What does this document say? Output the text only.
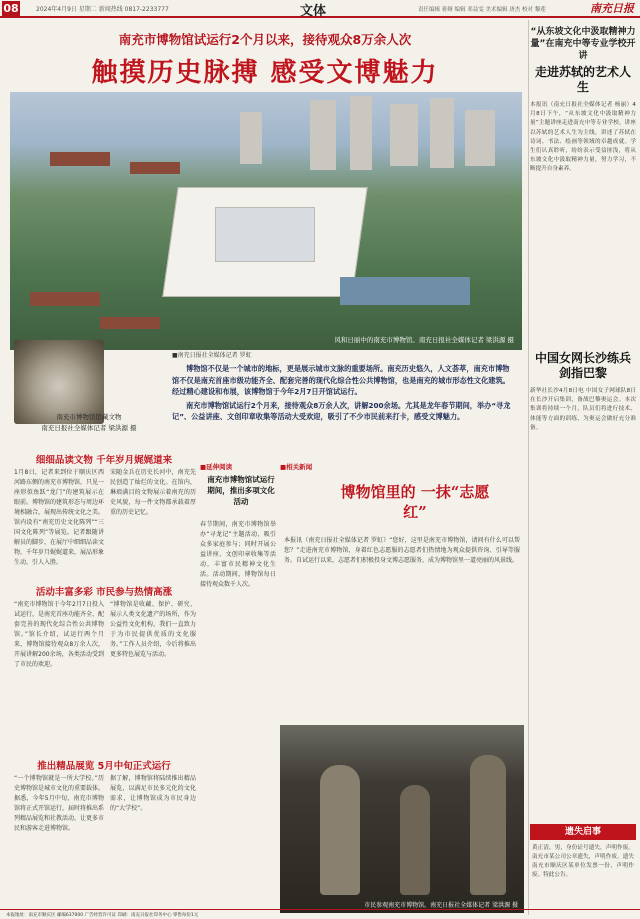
08	2024年4月9日 星期二 新闻热线 0817-2233777	文体	责任编辑 蒋娅 编辑 邓益雯 美术编辑 唐杰 校对 黎莲	南充日报
南充市博物馆试运行2个月以来，接待观众8万余人次
触摸历史脉搏 感受文博魅力
风和日丽中的南充市博物馆。南充日报社全媒体记者 梁洪源 摄
南充市博物馆馆藏文物
南充日报社全媒体记者 梁洪源 摄
■南充日报社全媒体记者 罗虹
博物馆不仅是一个城市的地标，更是展示城市文脉的重要场所。南充历史悠久，人文荟萃，南充市博物馆不仅是南充首座市级功能齐全、配套完善的现代化综合性公共博物馆，也是南充的城市形态性文化建筑。经过精心建设和布展，该博物馆于今年2月7日开馆试运行。
南充市博物馆试运行2个月来，接待观众8万余人次，讲解200余场。尤其是龙年春节期间，举办“寻龙记”、公益讲座、文创印章收集等活动大受欢迎，吸引了不少市民前来打卡，感受文博魅力。
细细品读文物 千年岁月娓娓道来
1月8日，记者来到位于顺庆区西河路东侧的南充市博物馆，只见一座形似鱼跃“龙门”的建筑展示在眼前。博物馆的建筑形态与周边环境相融合，展现出传统文化之美。馆内设有“南充历史文化陈列”“三国文化陈列”等展览。记者跟随讲解员的脚步，在展厅中细细品读文物，千年岁月娓娓道来，展品形象生动，引人入胜。
宋随金兵在历史长河中，南充先民创造了灿烂的文化。在馆内，琳琅满目的文物展示着南充的历史风貌，每一件文物都承载着厚重的历史记忆。
活动丰富多彩 市民参与热情高涨
“南充市博物馆于今年2月7日投入试运行，是南充首座功能齐全、配套完善的现代化综合性公共博物馆。”馆长介绍，试运行两个月来，博物馆接待观众8万余人次，开展讲解200余场，各类活动受到了市民的欢迎。
“博物馆是收藏、保护、研究、展示人类文化遗产的场所，作为公益性文化机构，我们一直致力于为市民提供优质的文化服务。”工作人员介绍，今后将推出更多特色展览与活动。
推出精品展览 5月中旬正式运行
“一个博物馆就是一所大学校。”历史博物馆是城市文化的重要载体。据悉，今年5月中旬，南充市博物馆将正式开馆运行，届时将推出系列精品展览和社教活动，让更多市民和游客走进博物馆。
据了解，博物馆将陆续推出精品展览，以满足市民多元化的文化需求，让博物馆成为市民身边的“大学校”。
■延伸阅读
南充市博物馆试运行期间，推出多项文化活动
春节期间，南充市博物馆举办“寻龙记”主题活动，吸引众多家庭参与；同时开展公益讲座、文创印章收集等活动，丰富市民精神文化生活。活动期间，博物馆每日接待观众数千人次。
■相关新闻
博物馆里的 一抹“志愿红”
本报讯（南充日报社全媒体记者 罗虹）“您好，这里是南充市博物馆，请问有什么可以帮您？”走进南充市博物馆，身着红色志愿服的志愿者们热情地为观众提供咨询、引导等服务。自试运行以来，志愿者们积极投身文博志愿服务，成为博物馆里一道亮丽的风景线。
市民参观南充市博物馆。南充日报社全媒体记者 梁洪源 摄
“从东坡文化中汲取精神力量”在南充中等专业学校开讲
走进苏轼的艺术人生
本报讯（南充日报社全媒体记者 杨丽）4月8日下午，“从东坡文化中汲取精神力量”主题讲座走进南充中等专业学校。讲座以苏轼的艺术人生为主线，讲述了苏轼在诗词、书法、绘画等领域的卓越成就。学生们认真聆听，纷纷表示受益匪浅，将从东坡文化中汲取精神力量，努力学习，不断提升自身素养。
中国女网长沙练兵剑指巴黎
新华社长沙4月8日电 中国女子网球队8日在长沙开启集训，备战巴黎奥运会。本次集训将持续一个月，队员们将进行技术、体能等方面的训练，为奥运会做好充分准备。
遗失启事
黄正清，男，身份证号遗失，声明作废。南充市某公司公章遗失，声明作废。遗失南充市顺庆区某单位发票一份，声明作废。特此公告。
本报地址：南充市顺庆区 邮编637000 广告经营许可证 印刷：南充日报社印务中心 零售每份1元
